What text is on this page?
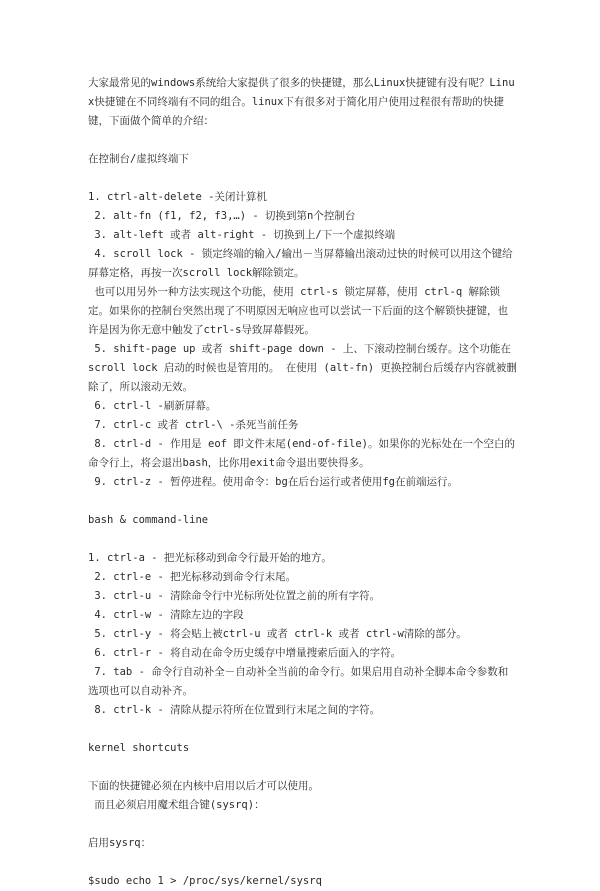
大家最常见的windows系统给大家提供了很多的快捷键，那么Linux快捷键有没有呢？Linux快捷键在不同终端有不同的组合。linux下有很多对于简化用户使用过程很有帮助的快捷键，下面做个简单的介绍：

在控制台/虚拟终端下

1. ctrl-alt-delete -关闭计算机

2. alt-fn (f1, f2, f3,…) - 切换到第n个控制台

3. alt-left 或者 alt-right - 切换到上/下一个虚拟终端

4. scroll lock - 锁定终端的输入/输出－当屏幕输出滚动过快的时候可以用这个键给屏幕定格，再按一次scroll lock解除锁定。

也可以用另外一种方法实现这个功能，使用 ctrl-s 锁定屏幕，使用 ctrl-q 解除锁定。如果你的控制台突然出现了不明原因无响应也可以尝试一下后面的这个解锁快捷键，也许是因为你无意中触发了ctrl-s导致屏幕假死。

5. shift-page up 或者 shift-page down - 上、下滚动控制台缓存。这个功能在 scroll lock 启动的时候也是管用的。 在使用 (alt-fn) 更换控制台后缓存内容就被删除了，所以滚动无效。

6. ctrl-l -刷新屏幕。

7. ctrl-c 或者 ctrl-\ -杀死当前任务

8. ctrl-d - 作用是 eof 即文件末尾(end-of-file)。如果你的光标处在一个空白的命令行上，将会退出bash，比你用exit命令退出要快得多。

9. ctrl-z - 暂停进程。使用命令：bg在后台运行或者使用fg在前端运行。

bash & command-line

1. ctrl-a - 把光标移动到命令行最开始的地方。

2. ctrl-e - 把光标移动到命令行末尾。

3. ctrl-u - 清除命令行中光标所处位置之前的所有字符。

4. ctrl-w - 清除左边的字段

5. ctrl-y - 将会贴上被ctrl-u 或者 ctrl-k 或者 ctrl-w清除的部分。

6. ctrl-r - 将自动在命令历史缓存中增量搜索后面入的字符。

7. tab - 命令行自动补全－自动补全当前的命令行。如果启用自动补全脚本命令参数和选项也可以自动补齐。

8. ctrl-k - 清除从提示符所在位置到行末尾之间的字符。

kernel shortcuts

下面的快捷键必须在内核中启用以后才可以使用。

而且必须启用魔术组合键(sysrq)：

启用sysrq：

$sudo echo 1 > /proc/sys/kernel/sysrq
